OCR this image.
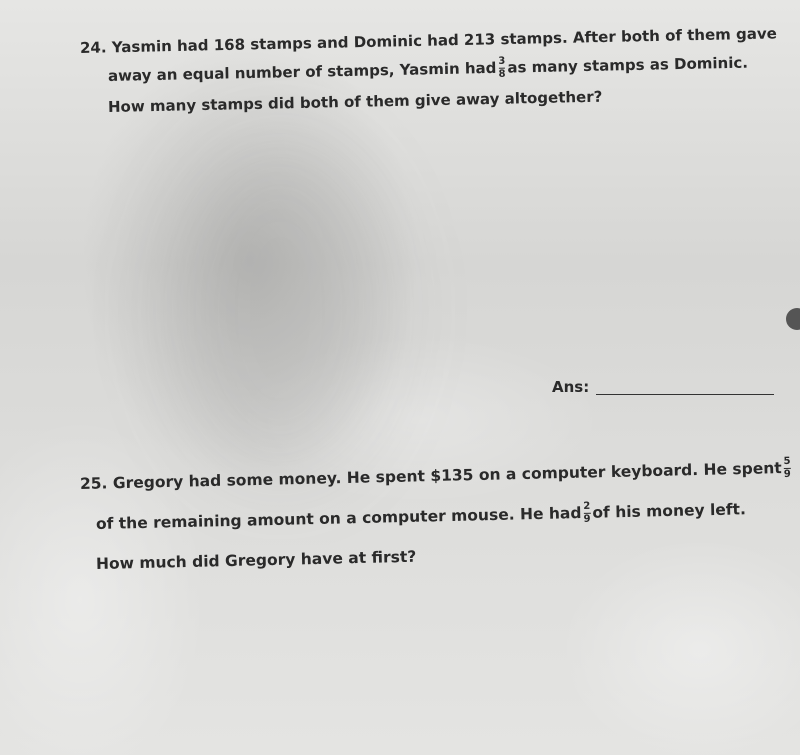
24. Yasmin had 168 stamps and Dominic had 213 stamps. After both of them gave
away an equal number of stamps, Yasmin had $\frac{3}{8}$ as many stamps as Dominic.
How many stamps did both of them give away altogether?
Ans:
25. Gregory had some money. He spent $135 on a computer keyboard. He spent $\frac{5}{9}$
of the remaining amount on a computer mouse. He had $\frac{2}{9}$ of his money left.
How much did Gregory have at first?
